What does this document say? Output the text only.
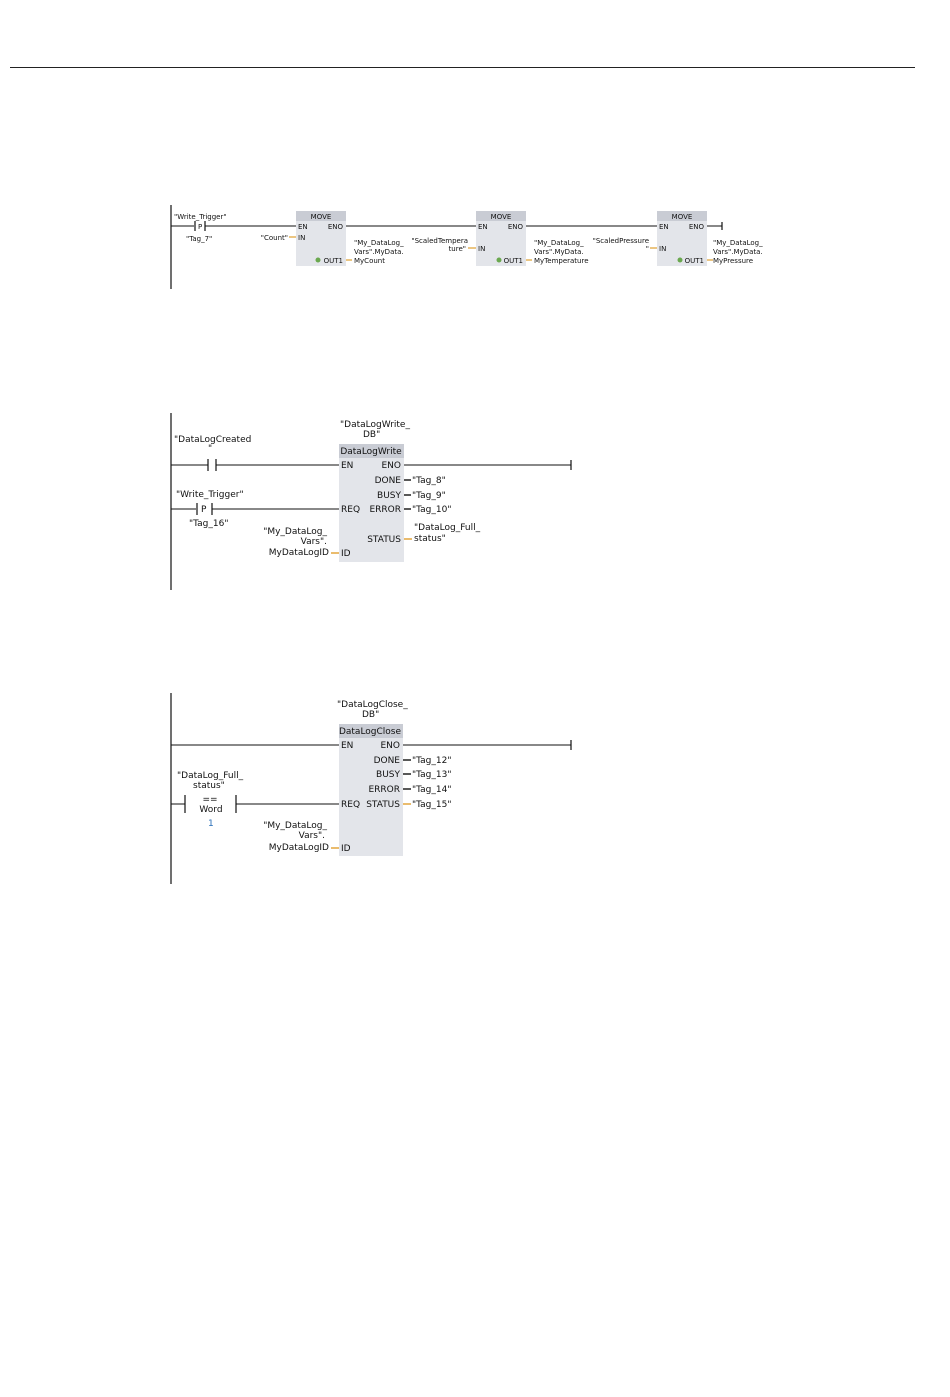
"Write_Trigger"
P
"Tag_7"
MOVE
EN	ENO
IN
OUT1
"Count"
"My_DataLog_
Vars".MyData.
MyCount
MOVE
EN	ENO
IN
OUT1
"ScaledTempera
ture"
"My_DataLog_
Vars".MyData.
MyTemperature
MOVE
EN	ENO
IN
OUT1
"ScaledPressure
"
"My_DataLog_
Vars".MyData.
MyPressure
"DataLogWrite_
DB"
"DataLogCreated
"
"Write_Trigger"
P
"Tag_16"
DataLogWrite
EN	ENO
DONE
BUSY
REQ ERROR
STATUS
ID
"Tag_8"
"Tag_9"
"Tag_10"
"DataLog_Full_
status"
"My_DataLog_
Vars".
MyDataLogID
"DataLogClose_
DB"
"DataLog_Full_
status"
==
Word
1
DataLogClose
EN	ENO
DONE
BUSY
ERROR
REQ STATUS
ID
"Tag_12"
"Tag_13"
"Tag_14"
"Tag_15"
"My_DataLog_
Vars".
MyDataLogID
